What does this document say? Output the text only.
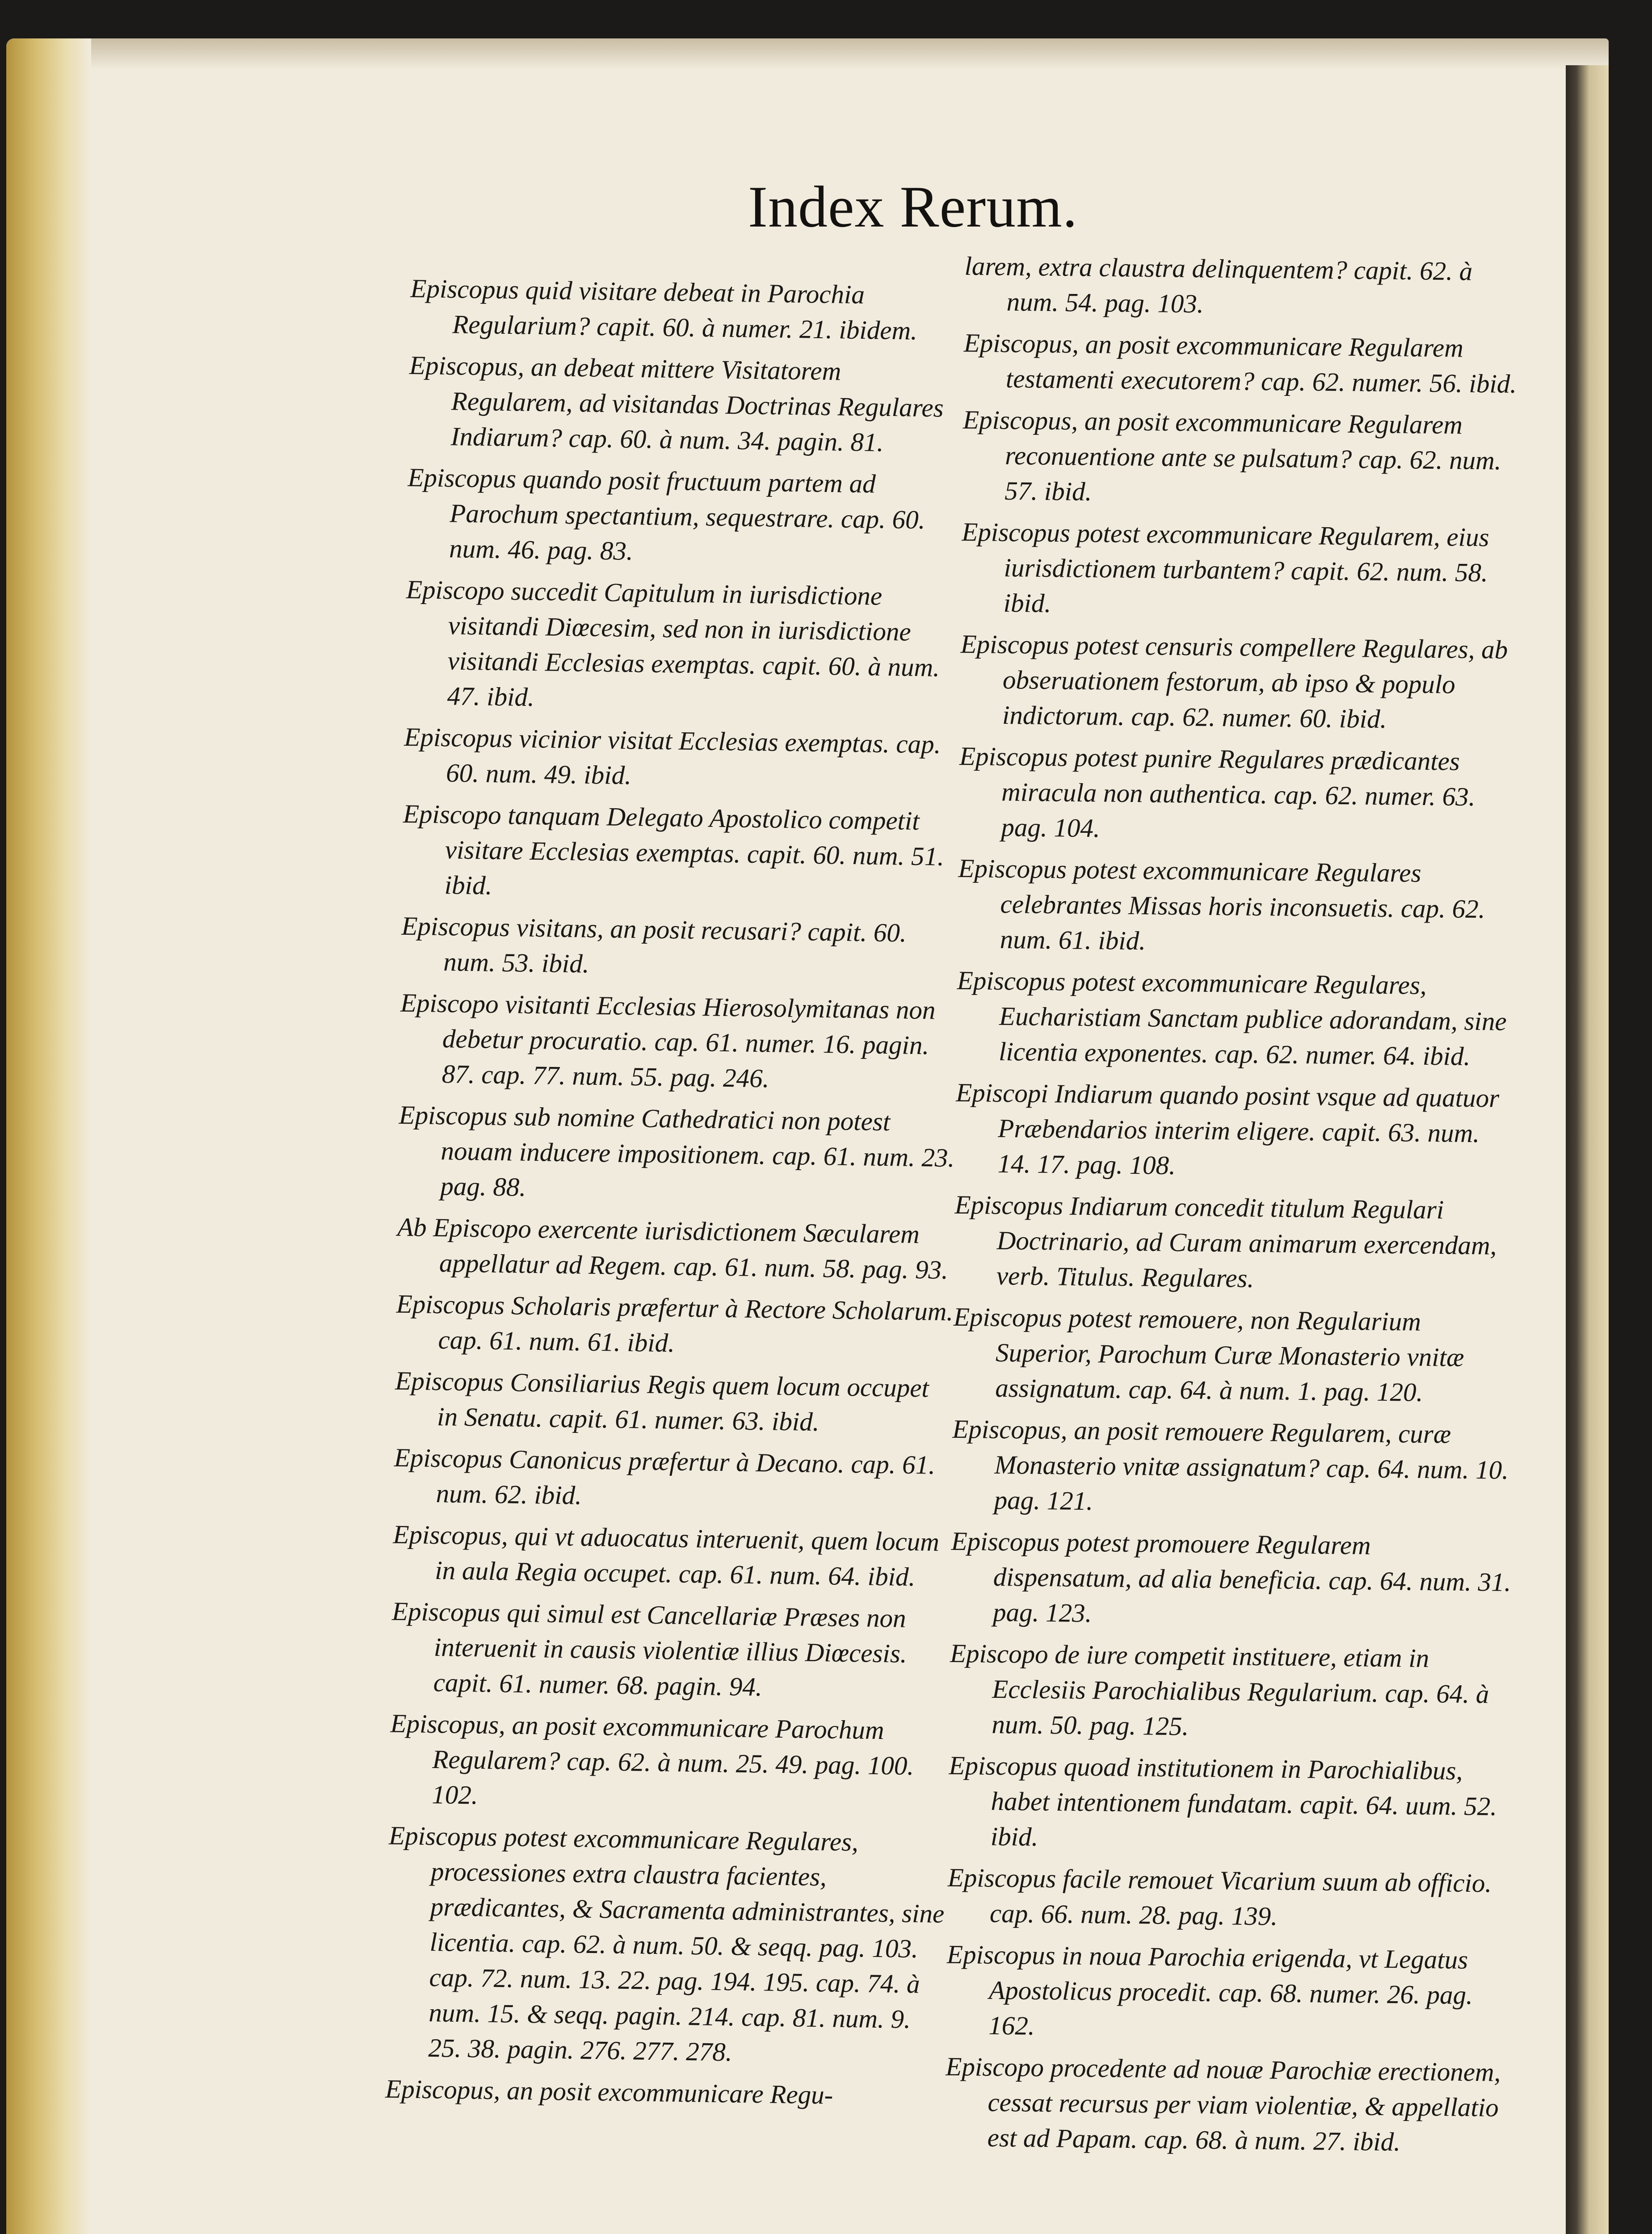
Index Rerum.

Episcopus quid visitare debeat in Parochia Regularium? capit. 60. à numer. 21. ibidem.

Episcopus, an debeat mittere Visitatorem Regularem, ad visitandas Doctrinas Regulares Indiarum? cap. 60. à num. 34. pagin. 81.

Episcopus quando posit fructuum partem ad Parochum spectantium, sequestrare. cap. 60. num. 46. pag. 83.

Episcopo succedit Capitulum in iurisdictione visitandi Diœcesim, sed non in iurisdictione visitandi Ecclesias exemptas. capit. 60. à num. 47. ibid.

Episcopus vicinior visitat Ecclesias exemptas. cap. 60. num. 49. ibid.

Episcopo tanquam Delegato Apostolico competit visitare Ecclesias exemptas. capit. 60. num. 51. ibid.

Episcopus visitans, an posit recusari? capit. 60. num. 53. ibid.

Episcopo visitanti Ecclesias Hierosolymitanas non debetur procuratio. cap. 61. numer. 16. pagin. 87. cap. 77. num. 55. pag. 246.

Episcopus sub nomine Cathedratici non potest nouam inducere impositionem. cap. 61. num. 23. pag. 88.

Ab Episcopo exercente iurisdictionem Sæcularem appellatur ad Regem. cap. 61. num. 58. pag. 93.

Episcopus Scholaris præfertur à Rectore Scholarum. cap. 61. num. 61. ibid.

Episcopus Consiliarius Regis quem locum occupet in Senatu. capit. 61. numer. 63. ibid.

Episcopus Canonicus præfertur à Decano. cap. 61. num. 62. ibid.

Episcopus, qui vt aduocatus interuenit, quem locum in aula Regia occupet. cap. 61. num. 64. ibid.

Episcopus qui simul est Cancellariæ Præses non interuenit in causis violentiæ illius Diœcesis. capit. 61. numer. 68. pagin. 94.

Episcopus, an posit excommunicare Parochum Regularem? cap. 62. à num. 25. 49. pag. 100. 102.

Episcopus potest excommunicare Regulares, processiones extra claustra facientes, prædicantes, & Sacramenta administrantes, sine licentia. cap. 62. à num. 50. & seqq. pag. 103. cap. 72. num. 13. 22. pag. 194. 195. cap. 74. à num. 15. & seqq. pagin. 214. cap. 81. num. 9. 25. 38. pagin. 276. 277. 278.

Episcopus, an posit excommunicare Regu-

larem, extra claustra delinquentem? capit. 62. à num. 54. pag. 103.

Episcopus, an posit excommunicare Regularem testamenti executorem? cap. 62. numer. 56. ibid.

Episcopus, an posit excommunicare Regularem reconuentione ante se pulsatum? cap. 62. num. 57. ibid.

Episcopus potest excommunicare Regularem, eius iurisdictionem turbantem? capit. 62. num. 58. ibid.

Episcopus potest censuris compellere Regulares, ab obseruationem festorum, ab ipso & populo indictorum. cap. 62. numer. 60. ibid.

Episcopus potest punire Regulares prædicantes miracula non authentica. cap. 62. numer. 63. pag. 104.

Episcopus potest excommunicare Regulares celebrantes Missas horis inconsuetis. cap. 62. num. 61. ibid.

Episcopus potest excommunicare Regulares, Eucharistiam Sanctam publice adorandam, sine licentia exponentes. cap. 62. numer. 64. ibid.

Episcopi Indiarum quando posint vsque ad quatuor Præbendarios interim eligere. capit. 63. num. 14. 17. pag. 108.

Episcopus Indiarum concedit titulum Regulari Doctrinario, ad Curam animarum exercendam, verb. Titulus. Regulares.

Episcopus potest remouere, non Regularium Superior, Parochum Curæ Monasterio vnitæ assignatum. cap. 64. à num. 1. pag. 120.

Episcopus, an posit remouere Regularem, curæ Monasterio vnitæ assignatum? cap. 64. num. 10. pag. 121.

Episcopus potest promouere Regularem dispensatum, ad alia beneficia. cap. 64. num. 31. pag. 123.

Episcopo de iure competit instituere, etiam in Ecclesiis Parochialibus Regularium. cap. 64. à num. 50. pag. 125.

Episcopus quoad institutionem in Parochialibus, habet intentionem fundatam. capit. 64. uum. 52. ibid.

Episcopus facile remouet Vicarium suum ab officio. cap. 66. num. 28. pag. 139.

Episcopus in noua Parochia erigenda, vt Legatus Apostolicus procedit. cap. 68. numer. 26. pag. 162.

Episcopo procedente ad nouæ Parochiæ erectionem, cessat recursus per viam violentiæ, & appellatio est ad Papam. cap. 68. à num. 27. ibid.
